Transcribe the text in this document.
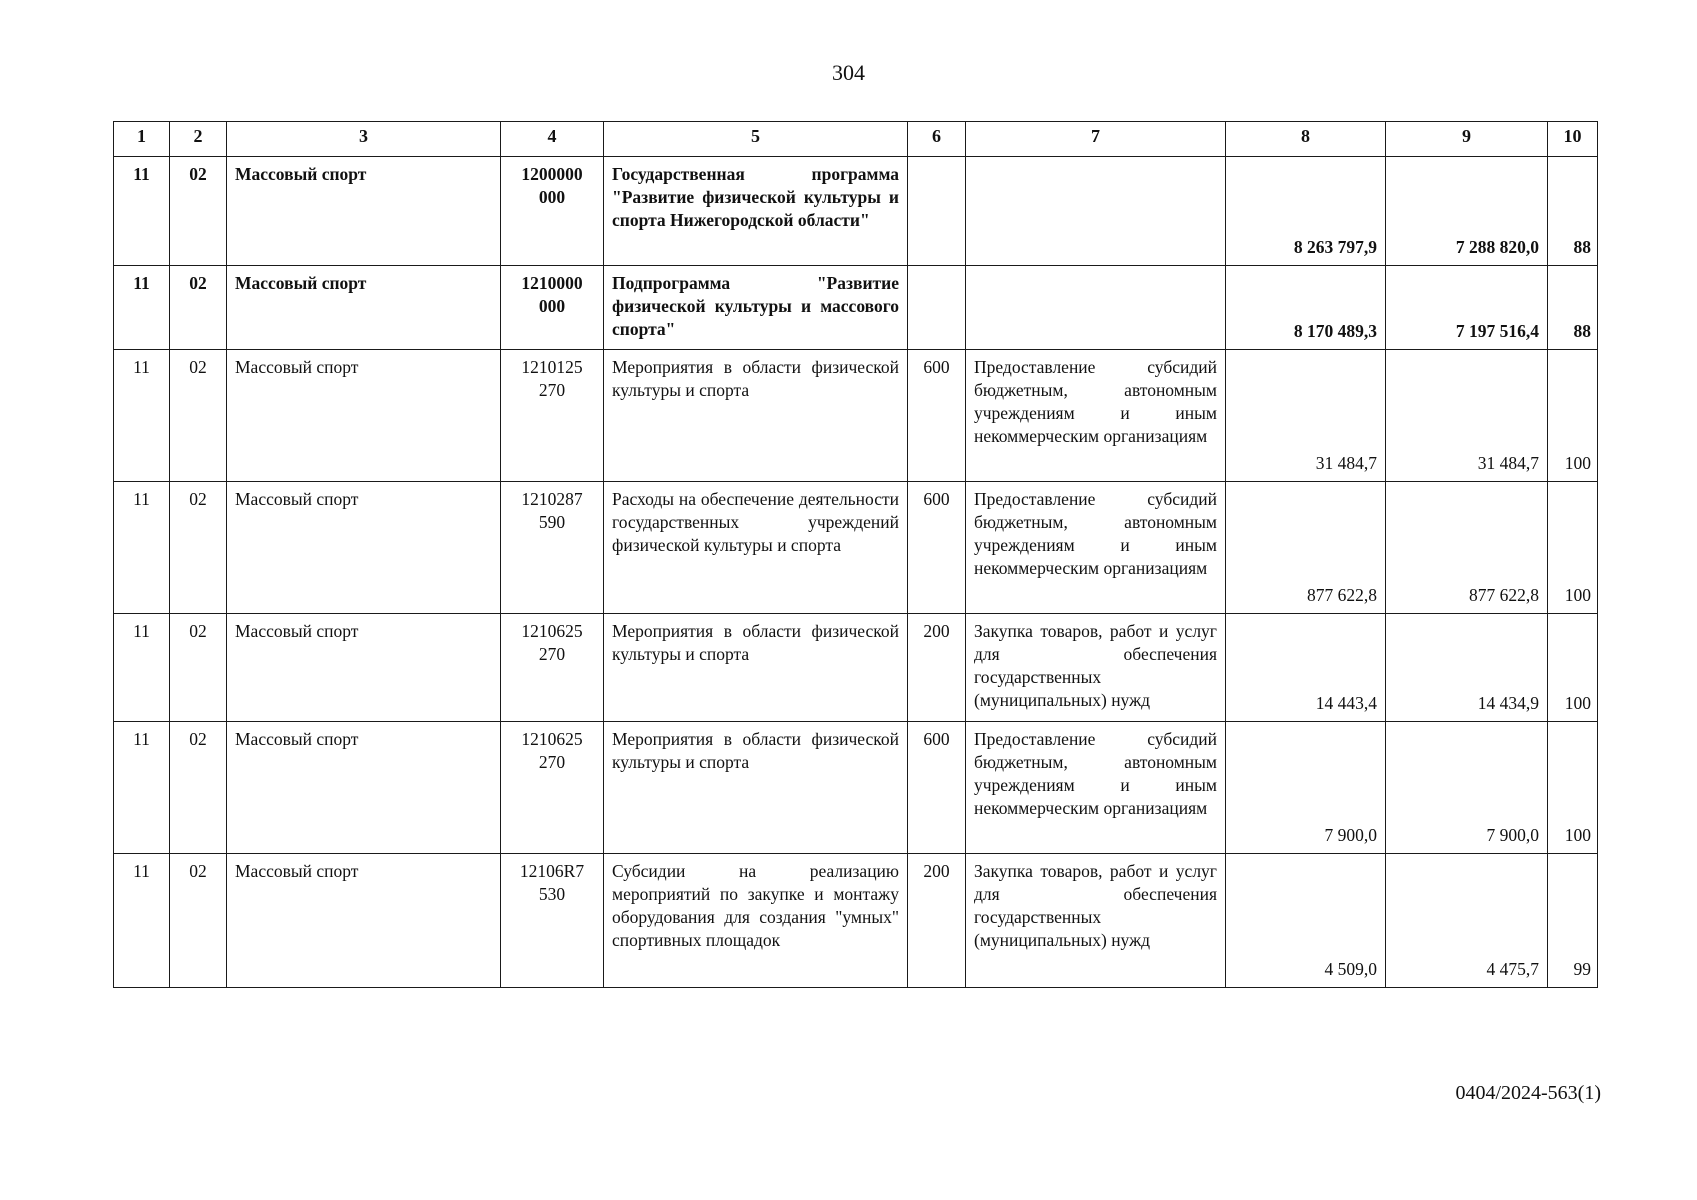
304
1	2	3	4	5	6	7	8	9	10
11	02	Массовый спорт	1200000 000	Государственная программа "Развитие физической культуры и спорта Нижегородской области"			8 263 797,9	7 288 820,0	88
11	02	Массовый спорт	1210000 000	Подпрограмма "Развитие физической культуры и массового спорта"			8 170 489,3	7 197 516,4	88
11	02	Массовый спорт	1210125 270	Мероприятия в области физической культуры и спорта	600	Предоставление субсидий бюджетным, автономным учреждениям и иным некоммерческим организациям	31 484,7	31 484,7	100
11	02	Массовый спорт	1210287 590	Расходы на обеспечение деятельности государственных учреждений физической культуры и спорта	600	Предоставление субсидий бюджетным, автономным учреждениям и иным некоммерческим организациям	877 622,8	877 622,8	100
11	02	Массовый спорт	1210625 270	Мероприятия в области физической культуры и спорта	200	Закупка товаров, работ и услуг для обеспечения государственных (муниципальных) нужд	14 443,4	14 434,9	100
11	02	Массовый спорт	1210625 270	Мероприятия в области физической культуры и спорта	600	Предоставление субсидий бюджетным, автономным учреждениям и иным некоммерческим организациям	7 900,0	7 900,0	100
11	02	Массовый спорт	12106R7 530	Субсидии на реализацию мероприятий по закупке и монтажу оборудования для создания "умных" спортивных площадок	200	Закупка товаров, работ и услуг для обеспечения государственных (муниципальных) нужд	4 509,0	4 475,7	99
0404/2024-563(1)
